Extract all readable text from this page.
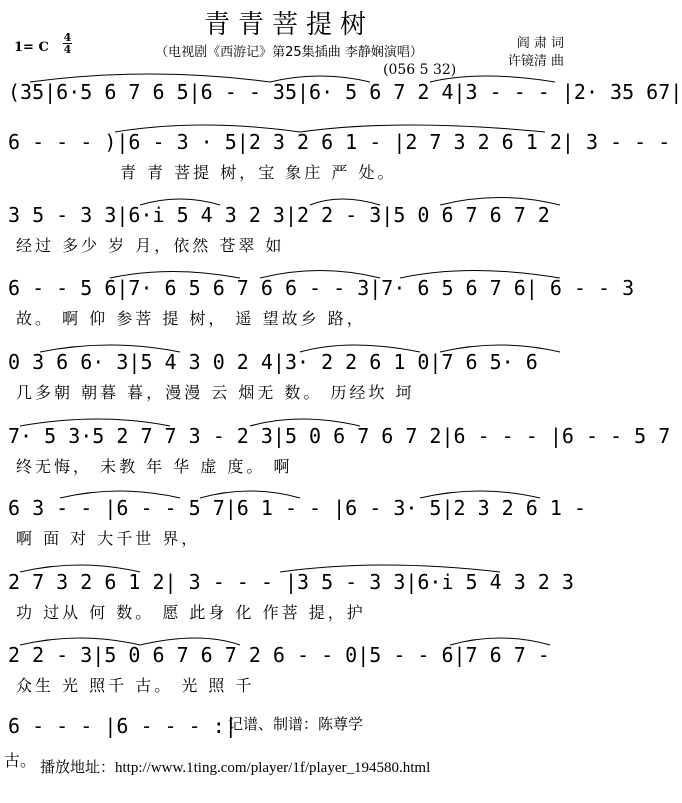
青青菩提树
（电视剧《西游记》第25集插曲 李静娴演唱）
1= C
4
4	阎 肃 词
许镜清 曲
(056 5 32)
(35|6·5 6 7 6 5|6 - - 35|6· 5 6 7 2 4|3 - - - |2· 35 67|
6 - - - )|6 - 3 · 5|2 3 2 6 1 - |2 7 3 2 6 1 2| 3 - - -
青 青 菩提 树，宝 象庄 严 处。
3 5 - 3 3|6·i 5 4 3 2 3|2 2 - 3|5 0 6 7 6 7 2
经过 多少 岁 月，依然 苍翠 如
6 - - 5 6|7· 6 5 6 7 6 6 - - 3|7· 6 5 6 7 6| 6 - - 3
故。 啊 仰 参菩 提 树， 遥 望故乡 路，
0 3 6 6· 3|5 4 3 0 2 4|3· 2 2 6 1 0|7 6 5· 6
几多朝 朝暮 暮，漫漫 云 烟无 数。 历经坎 坷
7· 5 3·5 2 7 7 3 - 2 3|5 0 6 7 6 7 2|6 - - - |6 - - 5 7
终无悔， 未教 年 华 虚 度。 啊
6 3 - - |6 - - 5 7|6 1 - - |6 - 3· 5|2 3 2 6 1 -
啊 面 对 大千世 界，
2 7 3 2 6 1 2| 3 - - - |3 5 - 3 3|6·i 5 4 3 2 3
功 过从 何 数。 愿 此身 化 作菩 提，护
2 2 - 3|5 0 6 7 6 7 2 6 - - 0|5 - - 6|7 6 7 -
众生 光 照千 古。 光 照 千
6 - - - |6 - - - :|
记谱、制谱：陈尊学
古。 播放地址：http://www.1ting.com/player/1f/player_194580.html
